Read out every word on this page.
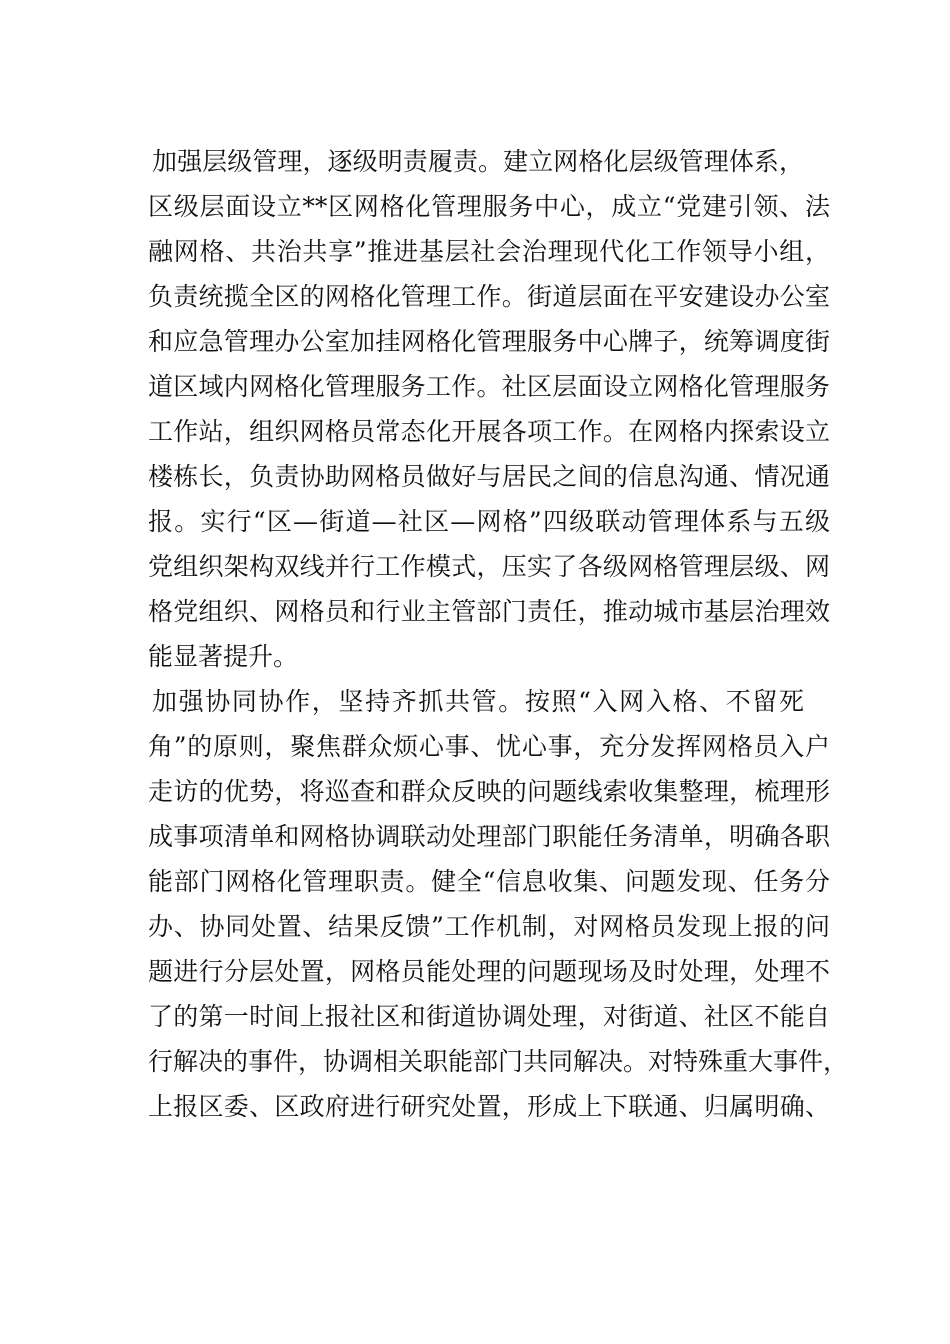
加强层级管理，逐级明责履责。建立网格化层级管理体系，
区级层面设立**区网格化管理服务中心，成立“党建引领、法
融网格、共治共享”推进基层社会治理现代化工作领导小组，
负责统揽全区的网格化管理工作。街道层面在平安建设办公室
和应急管理办公室加挂网格化管理服务中心牌子，统筹调度街
道区域内网格化管理服务工作。社区层面设立网格化管理服务
工作站，组织网格员常态化开展各项工作。在网格内探索设立
楼栋长，负责协助网格员做好与居民之间的信息沟通、情况通
报。实行“区—街道—社区—网格”四级联动管理体系与五级
党组织架构双线并行工作模式，压实了各级网格管理层级、网
格党组织、网格员和行业主管部门责任，推动城市基层治理效
能显著提升。
加强协同协作，坚持齐抓共管。按照“入网入格、不留死
角”的原则，聚焦群众烦心事、忧心事，充分发挥网格员入户
走访的优势，将巡查和群众反映的问题线索收集整理，梳理形
成事项清单和网格协调联动处理部门职能任务清单，明确各职
能部门网格化管理职责。健全“信息收集、问题发现、任务分
办、协同处置、结果反馈”工作机制，对网格员发现上报的问
题进行分层处置，网格员能处理的问题现场及时处理，处理不
了的第一时间上报社区和街道协调处理，对街道、社区不能自
行解决的事件，协调相关职能部门共同解决。对特殊重大事件，
上报区委、区政府进行研究处置，形成上下联通、归属明确、
